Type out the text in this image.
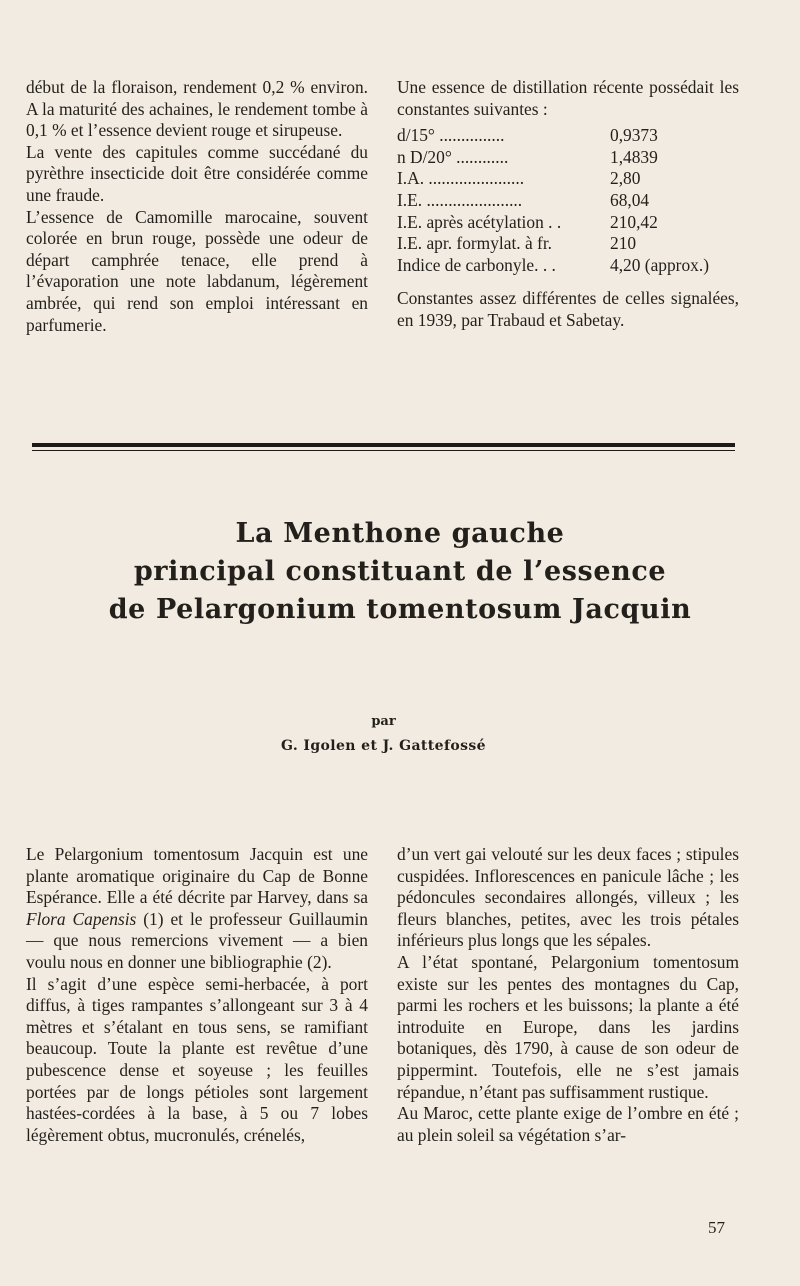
début de la floraison, rendement 0,2 % environ. A la maturité des achaines, le rendement tombe à 0,1 % et l’essence devient rouge et sirupeuse.

La vente des capitules comme succédané du pyrèthre insecticide doit être considérée comme une fraude.

L’essence de Camomille marocaine, souvent colorée en brun rouge, possède une odeur de départ camphrée tenace, elle prend à l’évaporation une note labdanum, légèrement ambrée, qui rend son emploi intéressant en parfumerie.

Une essence de distillation récente possédait les constantes suivantes :

d/15° ...............	0,9373
n D/20° ............	1,4839
I.A. ......................	2,80
I.E. ......................	68,04
I.E. après acétylation . .	210,42
I.E. apr. formylat. à fr.	210
Indice de carbonyle. . .	4,20 (approx.)

Constantes assez différentes de celles signalées, en 1939, par Trabaud et Sabetay.

La Menthone gauche
principal constituant de l’essence
de Pelargonium tomentosum Jacquin
par
G. Igolen et J. Gattefossé

Le Pelargonium tomentosum Jacquin est une plante aromatique originaire du Cap de Bonne Espérance. Elle a été décrite par Harvey, dans sa Flora Capensis (1) et le professeur Guillaumin — que nous remercions vivement — a bien voulu nous en donner une bibliographie (2).

Il s’agit d’une espèce semi-herbacée, à port diffus, à tiges rampantes s’allongeant sur 3 à 4 mètres et s’étalant en tous sens, se ramifiant beaucoup. Toute la plante est revêtue d’une pubescence dense et soyeuse ; les feuilles portées par de longs pétioles sont largement hastées-cordées à la base, à 5 ou 7 lobes légèrement obtus, mucronulés, crénelés,

d’un vert gai velouté sur les deux faces ; stipules cuspidées. Inflorescences en panicule lâche ; les pédoncules secondaires allongés, villeux ; les fleurs blanches, petites, avec les trois pétales inférieurs plus longs que les sépales.

A l’état spontané, Pelargonium tomentosum existe sur les pentes des montagnes du Cap, parmi les rochers et les buissons; la plante a été introduite en Europe, dans les jardins botaniques, dès 1790, à cause de son odeur de pippermint. Toutefois, elle ne s’est jamais répandue, n’étant pas suffisamment rustique.

Au Maroc, cette plante exige de l’ombre en été ; au plein soleil sa végétation s’ar-

57
